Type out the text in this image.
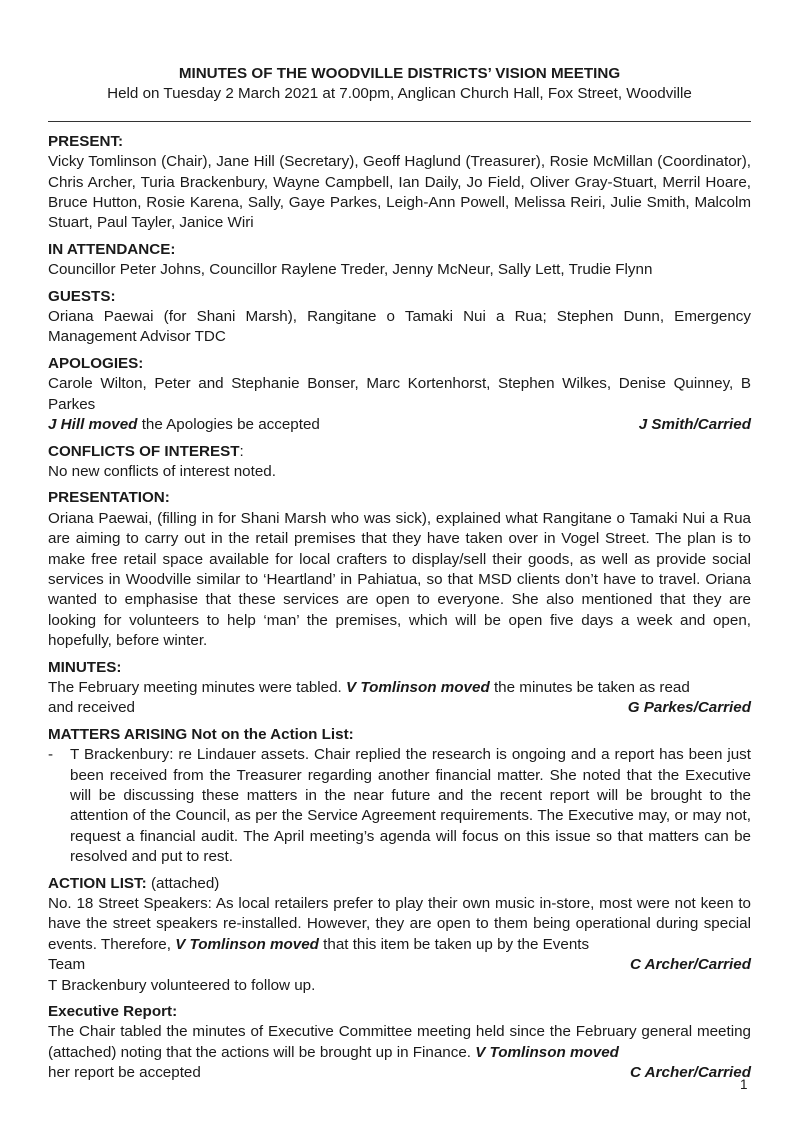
MINUTES OF THE WOODVILLE DISTRICTS’ VISION MEETING
Held on Tuesday 2 March 2021 at 7.00pm, Anglican Church Hall, Fox Street, Woodville
PRESENT:
Vicky Tomlinson (Chair), Jane Hill (Secretary), Geoff Haglund (Treasurer), Rosie McMillan (Coordinator), Chris Archer, Turia Brackenbury, Wayne Campbell, Ian Daily, Jo Field, Oliver Gray-Stuart, Merril Hoare, Bruce Hutton, Rosie Karena, Sally, Gaye Parkes, Leigh-Ann Powell, Melissa Reiri, Julie Smith, Malcolm Stuart, Paul Tayler, Janice Wiri
IN ATTENDANCE:
Councillor Peter Johns, Councillor Raylene Treder, Jenny McNeur, Sally Lett, Trudie Flynn
GUESTS:
Oriana Paewai (for Shani Marsh), Rangitane o Tamaki Nui a Rua; Stephen Dunn, Emergency Management Advisor TDC
APOLOGIES:
Carole Wilton, Peter and Stephanie Bonser, Marc Kortenhorst, Stephen Wilkes, Denise Quinney, B Parkes
J Hill moved the Apologies be accepted	J Smith/Carried
CONFLICTS OF INTEREST:
No new conflicts of interest noted.
PRESENTATION:
Oriana Paewai, (filling in for Shani Marsh who was sick), explained what Rangitane o Tamaki Nui a Rua are aiming to carry out in the retail premises that they have taken over in Vogel Street. The plan is to make free retail space available for local crafters to display/sell their goods, as well as provide social services in Woodville similar to ‘Heartland’ in Pahiatua, so that MSD clients don’t have to travel. Oriana wanted to emphasise that these services are open to everyone. She also mentioned that they are looking for volunteers to help ‘man’ the premises, which will be open five days a week and open, hopefully, before winter.
MINUTES:
The February meeting minutes were tabled. V Tomlinson moved the minutes be taken as read
and received	G Parkes/Carried
MATTERS ARISING Not on the Action List:
-	T Brackenbury: re Lindauer assets. Chair replied the research is ongoing and a report has been just been received from the Treasurer regarding another financial matter. She noted that the Executive will be discussing these matters in the near future and the recent report will be brought to the attention of the Council, as per the Service Agreement requirements. The Executive may, or may not, request a financial audit. The April meeting’s agenda will focus on this issue so that matters can be resolved and put to rest.
ACTION LIST: (attached)
No. 18 Street Speakers: As local retailers prefer to play their own music in-store, most were not keen to have the street speakers re-installed. However, they are open to them being operational during special events. Therefore, V Tomlinson moved that this item be taken up by the Events
Team	C Archer/Carried
T Brackenbury volunteered to follow up.
Executive Report:
The Chair tabled the minutes of Executive Committee meeting held since the February general meeting (attached) noting that the actions will be brought up in Finance. V Tomlinson moved
her report be accepted	C Archer/Carried
1
